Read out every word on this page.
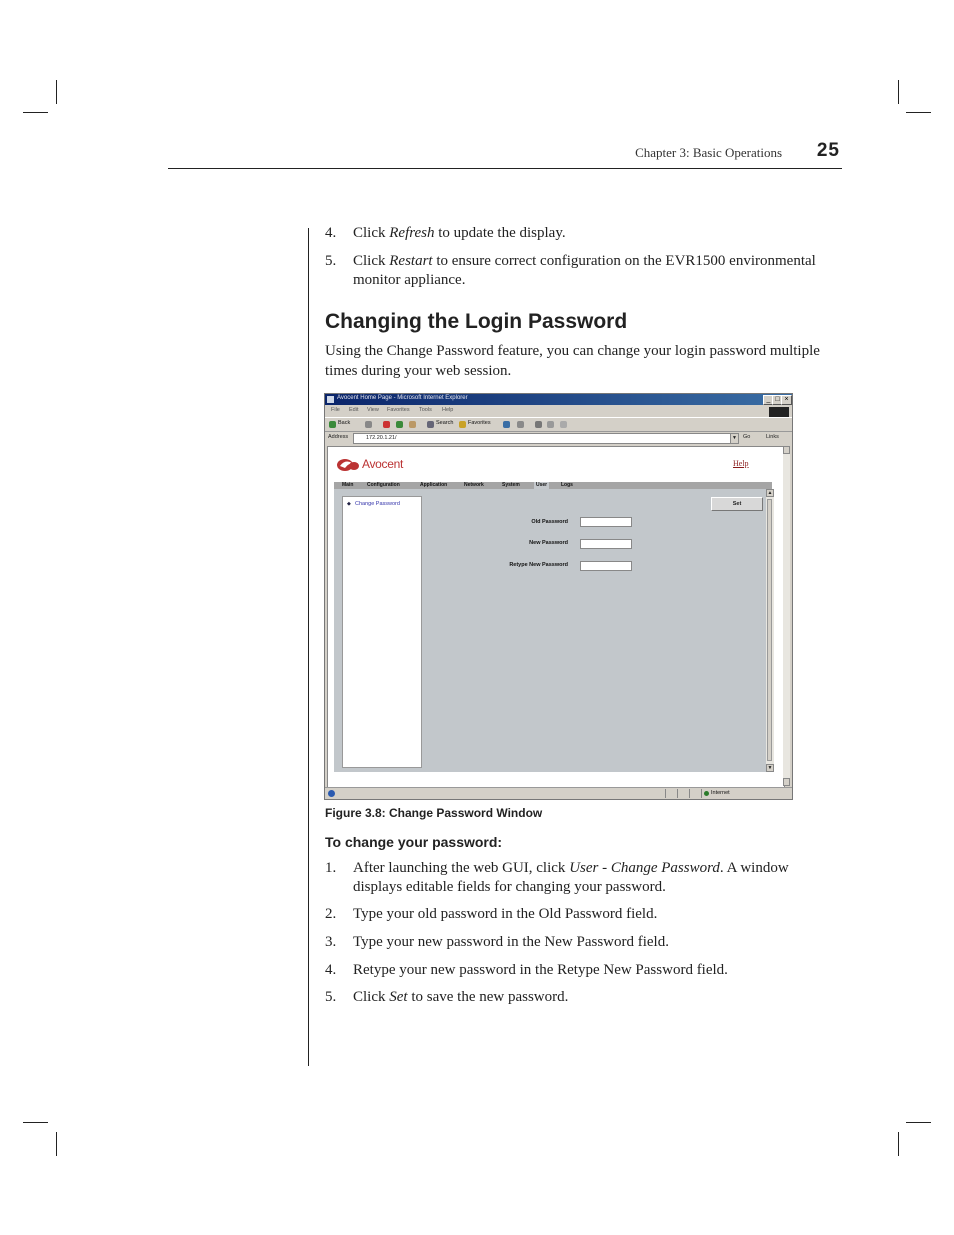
Chapter 3: Basic Operations	25
4. Click Refresh to update the display.
5. Click Restart to ensure correct configuration on the EVR1500 environmental monitor appliance.
Changing the Login Password
Using the Change Password feature, you can change your login password multiple times during your web session.
Avocent Home Page - Microsoft Internet Explorer	_ □ ×
File Edit View Favorites Tools Help
Back	Search	Favorites
Address	172.20.1.21/	▼ Go	Links
Avocent	Help
Main	Configuration	Application	Network	System	User	Logs
◆ Change Password	Set
Old Password
New Password
Retype New Password
▲
▼
Internet
Figure 3.8: Change Password Window
To change your password:
1. After launching the web GUI, click User - Change Password. A window displays editable fields for changing your password.
2. Type your old password in the Old Password field.
3. Type your new password in the New Password field.
4. Retype your new password in the Retype New Password field.
5. Click Set to save the new password.
